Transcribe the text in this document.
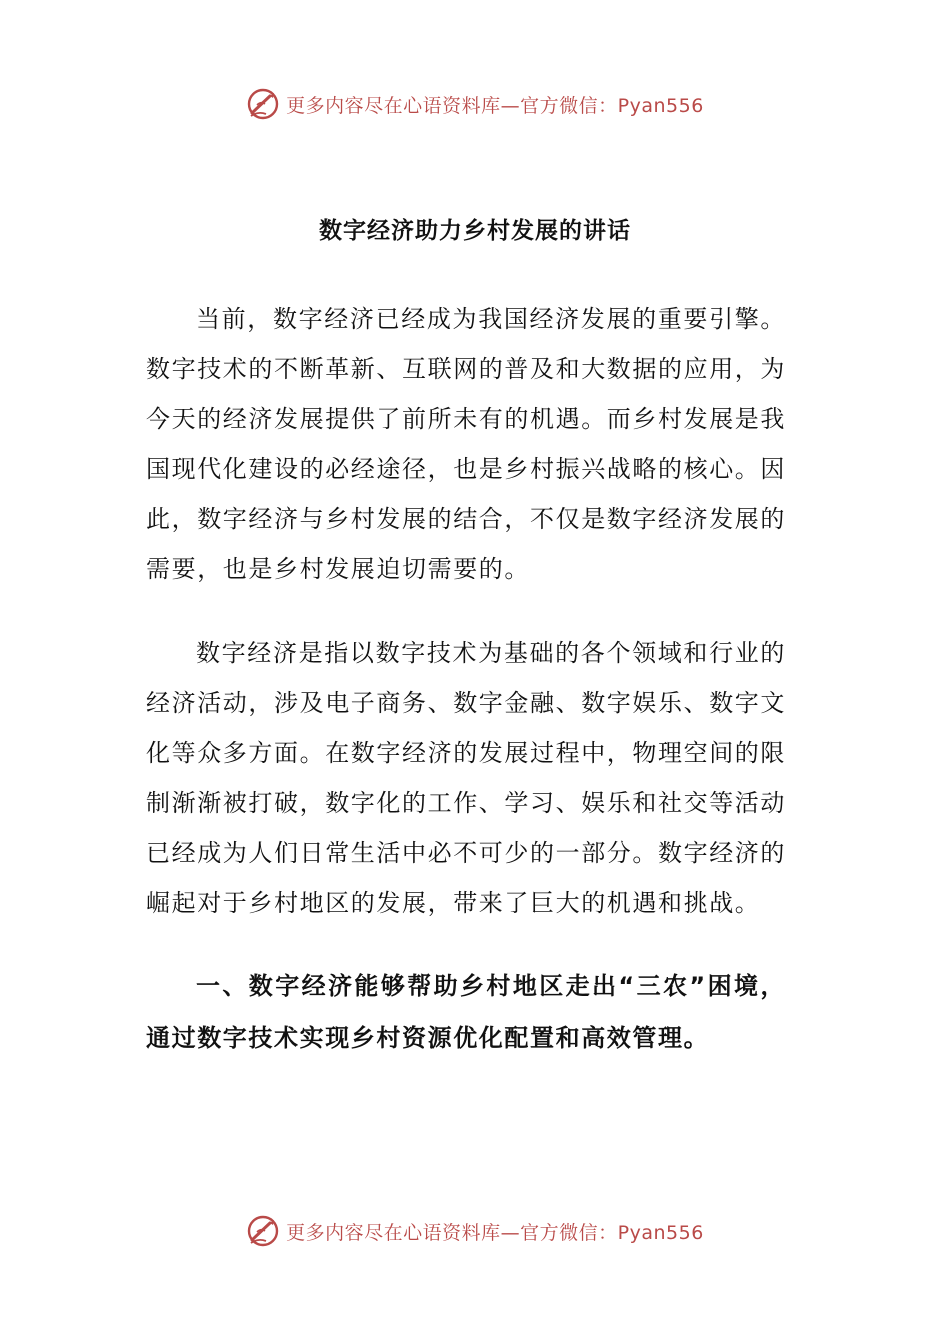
更多内容尽在心语资料库—官方微信：Pyan556
数字经济助力乡村发展的讲话

当前，数字经济已经成为我国经济发展的重要引擎。数字技术的不断革新、互联网的普及和大数据的应用，为今天的经济发展提供了前所未有的机遇。而乡村发展是我国现代化建设的必经途径，也是乡村振兴战略的核心。因此，数字经济与乡村发展的结合，不仅是数字经济发展的需要，也是乡村发展迫切需要的。

数字经济是指以数字技术为基础的各个领域和行业的经济活动，涉及电子商务、数字金融、数字娱乐、数字文化等众多方面。在数字经济的发展过程中，物理空间的限制渐渐被打破，数字化的工作、学习、娱乐和社交等活动已经成为人们日常生活中必不可少的一部分。数字经济的崛起对于乡村地区的发展，带来了巨大的机遇和挑战。

一、数字经济能够帮助乡村地区走出“三农”困境，通过数字技术实现乡村资源优化配置和高效管理。

更多内容尽在心语资料库—官方微信：Pyan556
